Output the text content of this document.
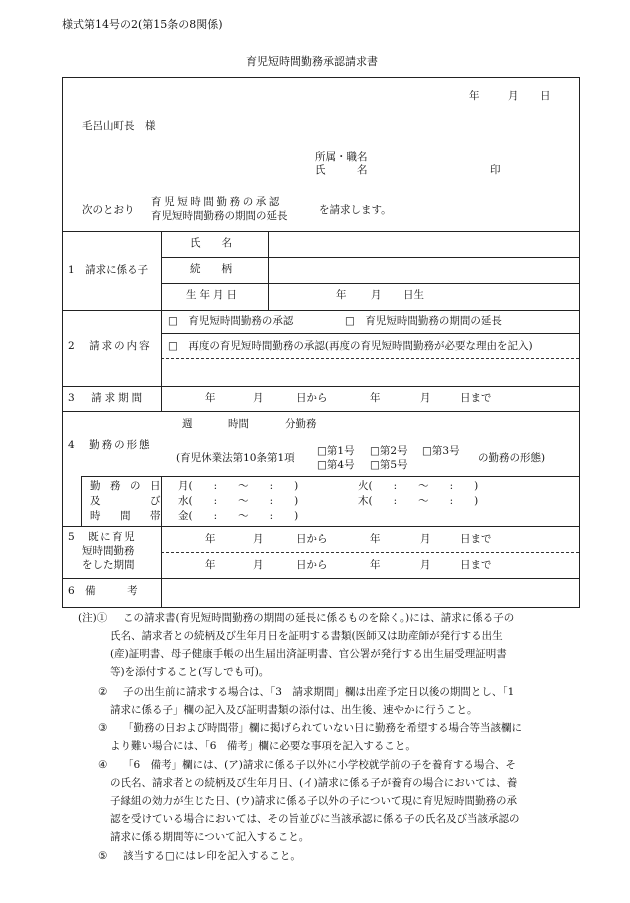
様式第14号の2(第15条の8関係)
育児短時間勤務承認請求書
年	月 日
毛呂山町長　様
所属・職名
氏　　　名	印
次のとおり
育児短時間勤務の承認
育児短時間勤務の期間の延長	を請求します。
1　請求に係る子
氏　　名
続　　柄
生年月日	年 月 日生
2　請求の内容
□　育児短時間勤務の承認	□　育児短時間勤務の期間の延長
□　再度の育児短時間勤務の承認(再度の育児短時間勤務が必要な理由を記入)
3　請求期間	年	月	日から	年	月	日まで
4　勤務の形態
週	時間	分勤務
(育児休業法第10条第1項
□第1号 □第2号 □第3号
□第4号 □第5号
の勤務の形態)
勤　務　の　日
及　　　　　び
時　　間　　帯
月(　　:　　～　　:　　)	火(　　:　　～　　:　　)
水(　　:　　～　　:　　)	木(　　:　　～　　:　　)
金(　　:　　～　　:　　)
5　既に育児
短時間勤務
をした期間
年	月	日から	年	月	日まで
年	月	日から	年	月	日まで
6　備　　　考
(注)① この請求書(育児短時間勤務の期間の延長に係るものを除く。)には、請求に係る子の
氏名、請求者との続柄及び生年月日を証明する書類(医師又は助産師が発行する出生
(産)証明書、母子健康手帳の出生届出済証明書、官公署が発行する出生届受理証明書
等)を添付すること(写しでも可)。
② 子の出生前に請求する場合は、「3　請求期間」欄は出産予定日以後の期間とし、「1
請求に係る子」欄の記入及び証明書類の添付は、出生後、速やかに行うこと。
③ 「勤務の日および時間帯」欄に掲げられていない日に勤務を希望する場合等当該欄に
より難い場合には、「6　備考」欄に必要な事項を記入すること。
④ 「6　備考」欄には、(ア)請求に係る子以外に小学校就学前の子を養育する場合、そ
の氏名、請求者との続柄及び生年月日、(イ)請求に係る子が養育の場合においては、養
子縁組の効力が生じた日、(ウ)請求に係る子以外の子について現に育児短時間勤務の承
認を受けている場合においては、その旨並びに当該承認に係る子の氏名及び当該承認の
請求に係る期間等について記入すること。
⑤ 該当する□にはレ印を記入すること。
